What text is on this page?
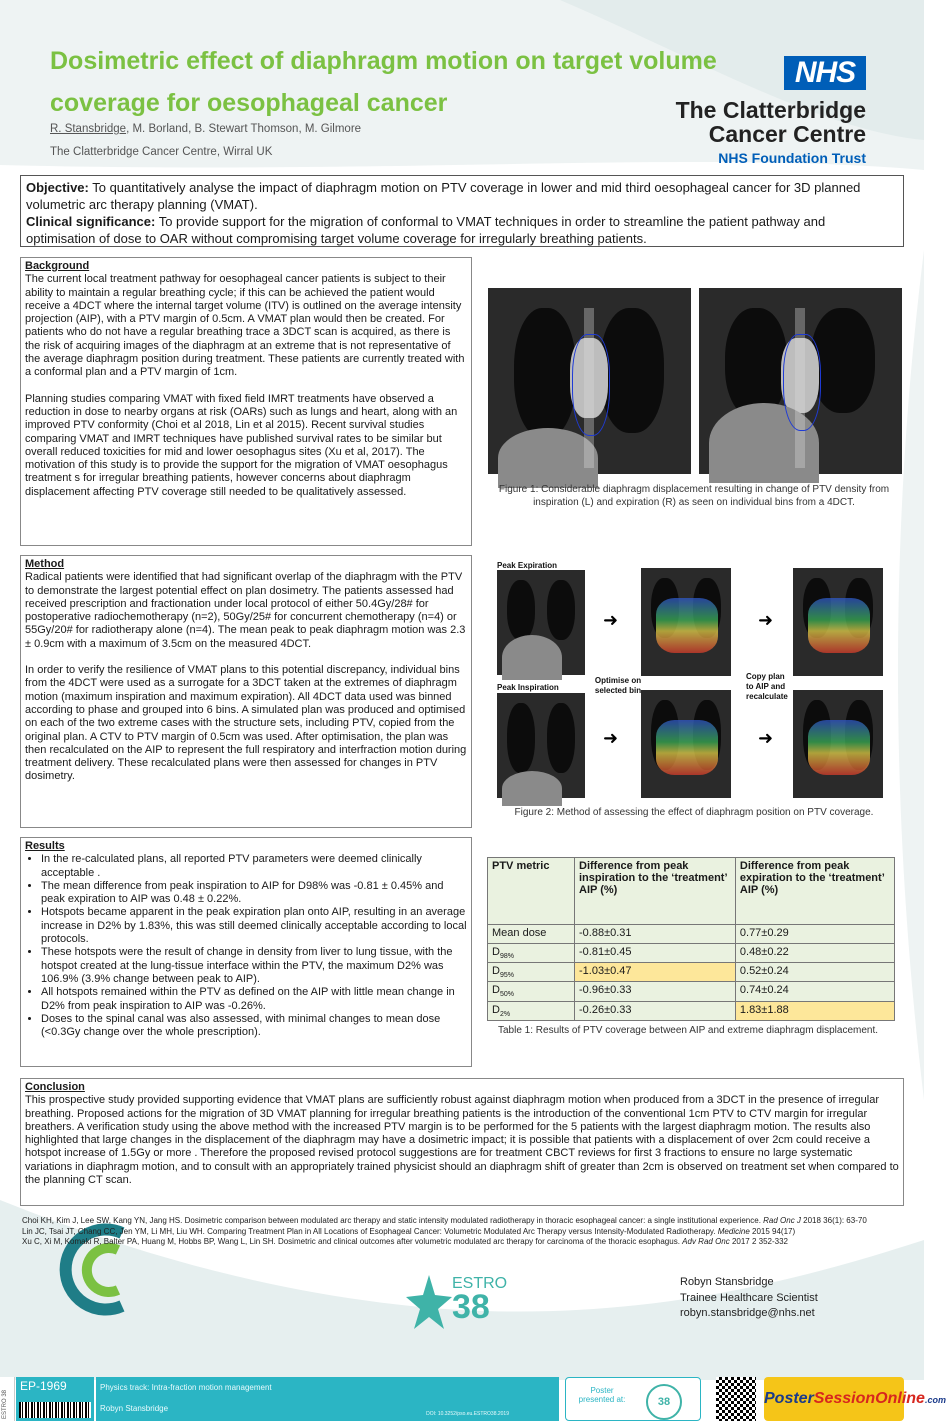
Dosimetric effect of diaphragm motion on target volume coverage for oesophageal cancer
R. Stansbridge, M. Borland, B. Stewart Thomson, M. Gilmore
The Clatterbridge Cancer Centre, Wirral UK
NHS
The Clatterbridge
Cancer Centre
NHS Foundation Trust
Objective: To quantitatively analyse the impact of diaphragm motion on PTV coverage in lower and mid third oesophageal cancer for 3D planned volumetric arc therapy planning (VMAT).
Clinical significance: To provide support for the migration of conformal to VMAT techniques in order to streamline the patient pathway and optimisation of dose to OAR without compromising target volume coverage for irregularly breathing patients.
Background
The current local treatment pathway for oesophageal cancer patients is subject to their ability to maintain a regular breathing cycle; if this can be achieved the patient would receive a 4DCT where the internal target volume (ITV) is outlined on the average intensity projection (AIP), with a PTV margin of 0.5cm. A VMAT plan would then be created. For patients who do not have a regular breathing trace a 3DCT scan is acquired, as there is the risk of acquiring images of the diaphragm at an extreme that is not representative of the average diaphragm position during treatment. These patients are currently treated with a conformal plan and a PTV margin of 1cm.
Planning studies comparing VMAT with fixed field IMRT treatments have observed a reduction in dose to nearby organs at risk (OARs) such as lungs and heart, along with an improved PTV conformity (Choi et al 2018, Lin et al 2015). Recent survival studies comparing VMAT and IMRT techniques have published survival rates to be similar but overall reduced toxicities for mid and lower oesophagus sites (Xu et al, 2017). The motivation of this study is to provide the support for the migration of VMAT oesophagus treatment s for irregular breathing patients, however concerns about diaphragm displacement affecting PTV coverage still needed to be qualitatively assessed.	Figure 1: Considerable diaphragm displacement resulting in change of PTV density from inspiration (L) and expiration (R) as seen on individual bins from a 4DCT.
Method
Radical patients were identified that had significant overlap of the diaphragm with the PTV to demonstrate the largest potential effect on plan dosimetry. The patients assessed had received prescription and fractionation under local protocol of either 50.4Gy/28# for postoperative radiochemotherapy (n=2), 50Gy/25# for concurrent chemotherapy (n=4) or 55Gy/20# for radiotherapy alone (n=4). The mean peak to peak diaphragm motion was 2.3 ± 0.9cm with a maximum of 3.5cm on the measured 4DCT.
In order to verify the resilience of VMAT plans to this potential discrepancy, individual bins from the 4DCT were used as a surrogate for a 3DCT taken at the extremes of diaphragm motion (maximum inspiration and maximum expiration). All 4DCT data used was binned according to phase and grouped into 6 bins. A simulated plan was produced and optimised on each of the two extreme cases with the structure sets, including PTV, copied from the original plan. A CTV to PTV margin of 0.5cm was used. After optimisation, the plan was then recalculated on the AIP to represent the full respiratory and interfraction motion during treatment delivery. These recalculated plans were then assessed for changes in PTV dosimetry.
Peak Expiration
Peak Inspiration
➜
➜
Optimise on selected bin
➜
➜
Copy plan to AIP and recalculate
Figure 2: Method of assessing the effect of diaphragm position on PTV coverage.
Results
• In the re-calculated plans, all reported PTV parameters were deemed clinically acceptable .
• The mean difference from peak inspiration to AIP for D98% was -0.81 ± 0.45% and peak expiration to AIP was 0.48 ± 0.22%.
• Hotspots became apparent in the peak expiration plan onto AIP, resulting in an average increase in D2% by 1.83%, this was still deemed clinically acceptable according to local protocols.
• These hotspots were the result of change in density from liver to lung tissue, with the hotspot created at the lung-tissue interface within the PTV, the maximum D2% was 106.9% (3.9% change between peak to AIP).
• All hotspots remained within the PTV as defined on the AIP with little mean change in D2% from peak inspiration to AIP was -0.26%.
• Doses to the spinal canal was also assessed, with minimal changes to mean dose (<0.3Gy change over the whole prescription).
PTV metric	Difference from peak inspiration to the ‘treatment’ AIP (%)	Difference from peak expiration to the ‘treatment’ AIP (%)
Mean dose	-0.88±0.31	0.77±0.29
$D_{98\%}$	-0.81±0.45	0.48±0.22
$D_{95\%}$	-1.03±0.47	0.52±0.24
$D_{50\%}$	-0.96±0.33	0.74±0.24
$D_{2\%}$	-0.26±0.33	1.83±1.88
Table 1: Results of PTV coverage between AIP and extreme diaphragm displacement.
Conclusion
This prospective study provided supporting evidence that VMAT plans are sufficiently robust against diaphragm motion when produced from a 3DCT in the presence of irregular breathing. Proposed actions for the migration of 3D VMAT planning for irregular breathing patients is the introduction of the conventional 1cm PTV to CTV margin for irregular breathers. A verification study using the above method with the increased PTV margin is to be performed for the 5 patients with the largest diaphragm motion. The results also highlighted that large changes in the displacement of the diaphragm may have a dosimetric impact; it is possible that patients with a displacement of over 2cm could receive a hotspot increase of 1.5Gy or more . Therefore the proposed revised protocol suggestions are for treatment CBCT reviews for first 3 fractions to ensure no large systematic variations in diaphragm motion, and to consult with an appropriately trained physicist should an diaphragm shift of greater than 2cm is observed on treatment set when compared to the planning CT scan.
Choi KH, Kim J, Lee SW, Kang YN, Jang HS. Dosimetric comparison between modulated arc therapy and static intensity modulated radiotherapy in thoracic esophageal cancer: a single institutional experience. Rad Onc J 2018 36(1): 63-70
Lin JC, Tsai JT, Chang CC, Jen YM, Li MH, Liu WH. Comparing Treatment Plan in All Locations of Esophageal Cancer: Volumetric Modulated Arc Therapy versus Intensity-Modulated Radiotherapy. Medicine 2015 94(17)
Xu C, Xi M, Komaki R, Balter PA, Huang M, Hobbs BP, Wang L, Lin SH. Dosimetric and clinical outcomes after volumetric modulated arc therapy for carcinoma of the thoracic esophagus. Adv Rad Onc 2017 2 352-332
ESTRO
38
Robyn Stansbridge
Trainee Healthcare Scientist
robyn.stansbridge@nhs.net
ESTRO 38
EP-1969	Physics track: Intra-fraction motion management
Robyn Stansbridge
DOI: 10.3252/pso.eu.ESTRO38.2019
Poster
presented at:	38	PosterSessionOnline.com
